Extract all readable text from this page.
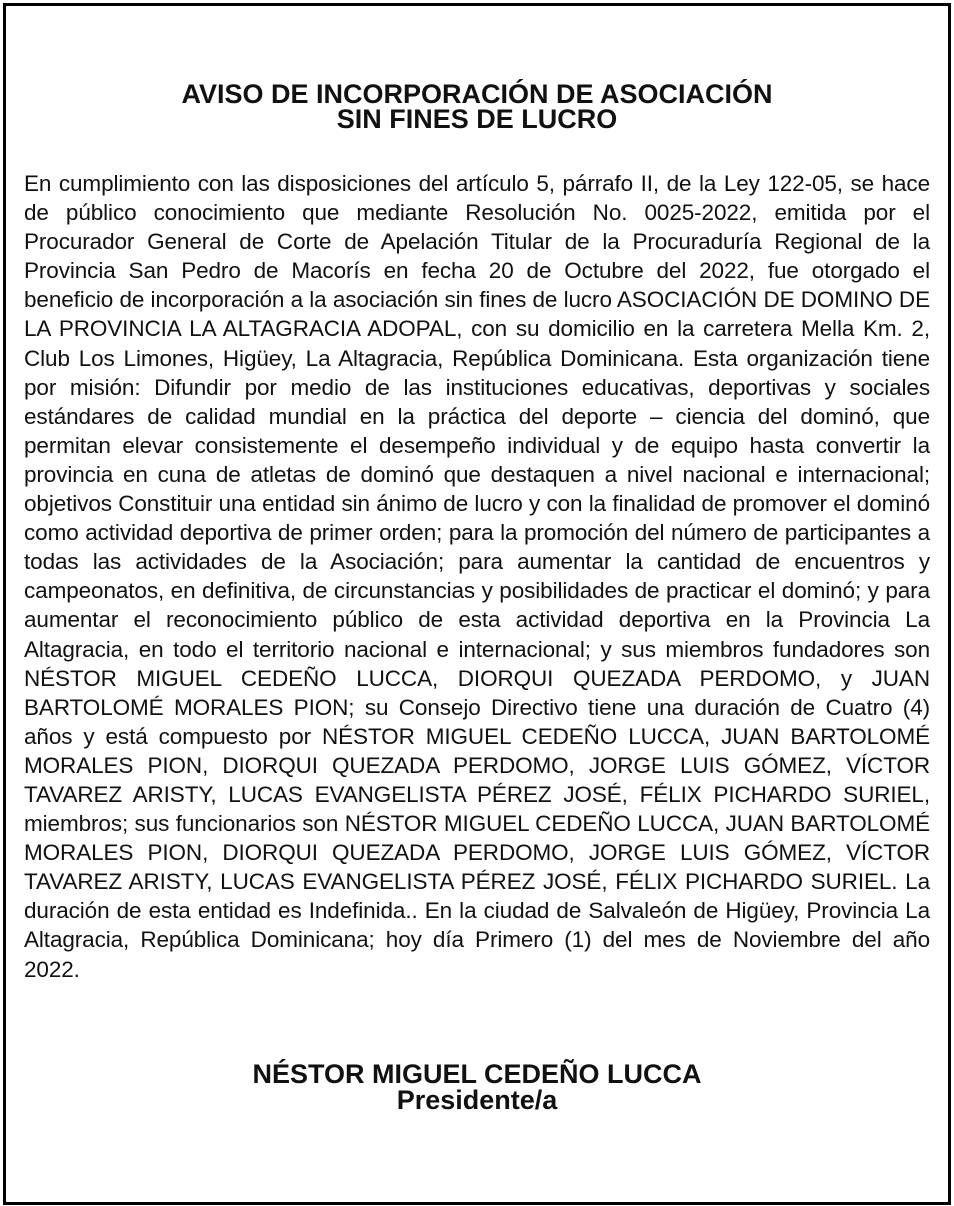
AVISO DE INCORPORACIÓN DE ASOCIACIÓN
SIN FINES DE LUCRO
En cumplimiento con las disposiciones del artículo 5, párrafo II, de la Ley 122-05, se hace de público conocimiento que mediante Resolución No. 0025-2022, emitida por el Procurador General de Corte de Apelación Titular de la Procuraduría Regional de la Provincia San Pedro de Macorís en fecha 20 de Octubre del 2022, fue otorgado el beneficio de incorporación a la asociación sin fines de lucro ASOCIACIÓN DE DOMINO DE LA PROVINCIA LA ALTAGRACIA ADOPAL, con su domicilio en la carretera Mella Km. 2, Club Los Limones, Higüey, La Altagracia, República Dominicana. Esta organización tiene por misión: Difundir por medio de las instituciones educativas, deportivas y sociales estándares de calidad mundial en la práctica del deporte – ciencia del dominó, que permitan elevar consistemente el desempeño individual y de equipo hasta convertir la provincia en cuna de atletas de dominó que destaquen a nivel nacional e internacional; objetivos Constituir una entidad sin ánimo de lucro y con la finalidad de promover el dominó como actividad deportiva de primer orden; para la promoción del número de participantes a todas las actividades de la Asociación; para aumentar la cantidad de encuentros y campeonatos, en definitiva, de circunstancias y posibilidades de practicar el dominó; y para aumentar el reconocimiento público de esta actividad deportiva en la Provincia La Altagracia, en todo el territorio nacional e internacional; y sus miembros fundadores son NÉSTOR MIGUEL CEDEÑO LUCCA, DIORQUI QUEZADA PERDOMO, y JUAN BARTOLOMÉ MORALES PION; su Consejo Directivo tiene una duración de Cuatro (4) años y está compuesto por NÉSTOR MIGUEL CEDEÑO LUCCA, JUAN BARTOLOMÉ MORALES PION, DIORQUI QUEZADA PERDOMO, JORGE LUIS GÓMEZ, VÍCTOR TAVAREZ ARISTY, LUCAS EVANGELISTA PÉREZ JOSÉ, FÉLIX PICHARDO SURIEL, miembros; sus funcionarios son NÉSTOR MIGUEL CEDEÑO LUCCA, JUAN BARTOLOMÉ MORALES PION, DIORQUI QUEZADA PERDOMO, JORGE LUIS GÓMEZ, VÍCTOR TAVAREZ ARISTY, LUCAS EVANGELISTA PÉREZ JOSÉ, FÉLIX PICHARDO SURIEL. La duración de esta entidad es Indefinida.. En la ciudad de Salvaleón de Higüey, Provincia La Altagracia, República Dominicana; hoy día Primero (1) del mes de Noviembre del año 2022.
NÉSTOR MIGUEL CEDEÑO LUCCA
Presidente/a
